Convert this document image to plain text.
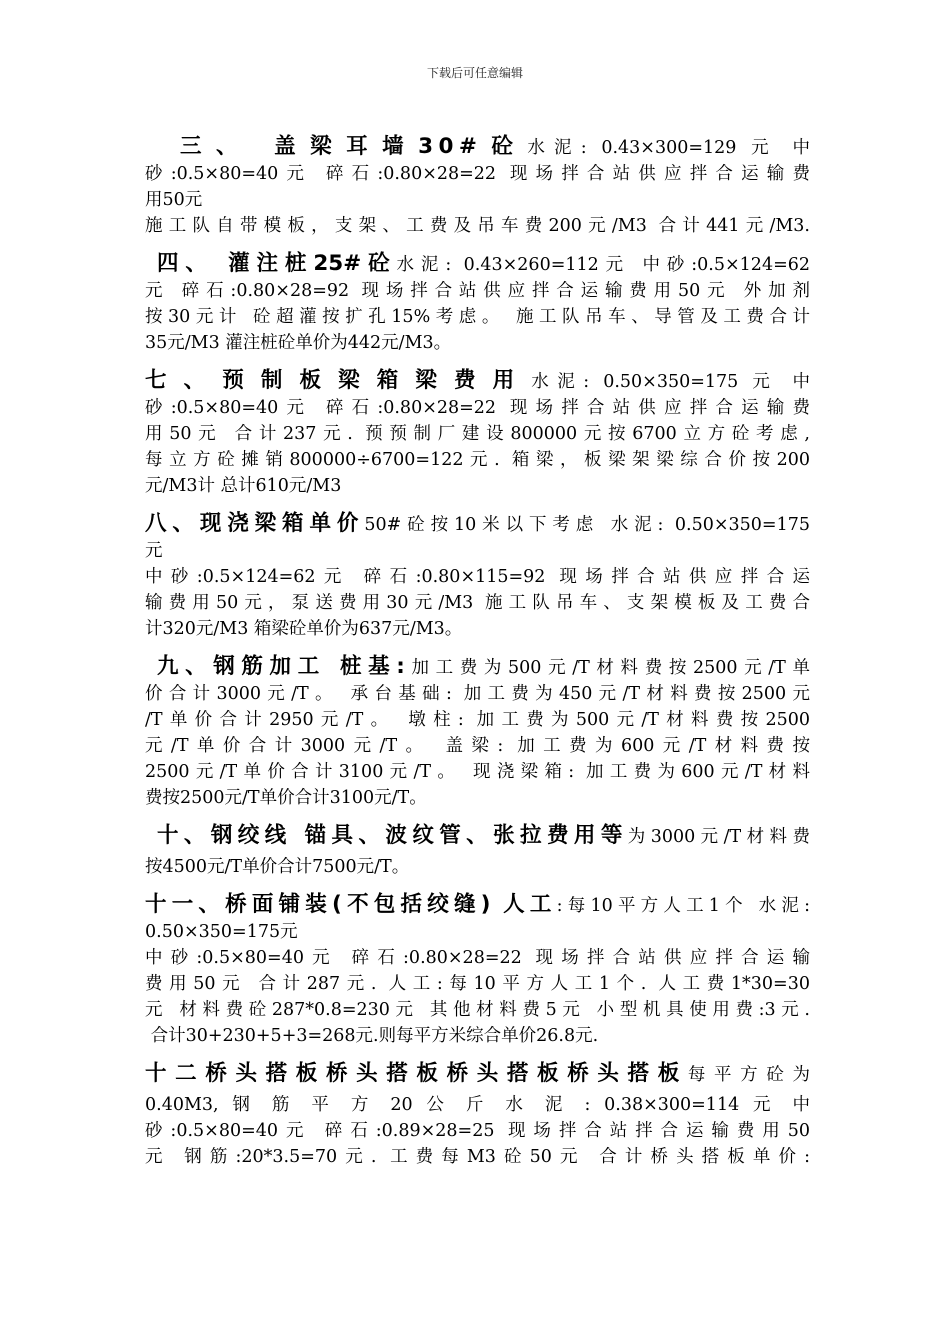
下载后可任意编辑
三、 盖梁耳墙30#砼水泥: 0.43×300=129 元 中
砂:0.5×80=40元 碎石:0.80×28=22 现场拌合站供应拌合运输费
用50元
施工队自带模板，支架、工费及吊车费200元/M3 合计441元/M3.
四、 灌注桩25#砼水泥: 0.43×260=112元 中砂:0.5×124=62
元 碎石:0.80×28=92 现场拌合站供应拌合运输费用50元 外加剂
按30元计 砼超灌按扩孔15%考虑。 施工队吊车、导管及工费合计
35元/M3 灌注桩砼单价为442元/M3。
七、预制板梁箱梁费用水泥: 0.50×350=175 元 中
砂:0.5×80=40元 碎石:0.80×28=22 现场拌合站供应拌合运输费
用50元 合计237元. 预预制厂建设800000元按6700立方砼考虑,
每立方砼摊销800000÷6700=122元. 箱梁，板梁架梁综合价按200
元/M3计 总计610元/M3
八、现浇梁箱单价50#砼按10米以下考虑 水泥: 0.50×350=175
元
中砂:0.5×124=62元 碎石:0.80×115=92 现场拌合站供应拌合运
输费用50元，泵送费用30元/M3 施工队吊车、支架模板及工费合
计320元/M3 箱梁砼单价为637元/M3。
九、钢筋加工 桩基:加工费为500元/T材料费按2500元/T单
价合计3000元/T。 承台基础: 加工费为450元/T材料费按2500元
/T单价合计2950元/T。 墩柱: 加工费为500元/T材料费按2500
元/T单价合计3000元/T。 盖梁: 加工费为600元/T材料费按
2500元/T单价合计3100元/T。 现浇梁箱: 加工费为600元/T材料
费按2500元/T单价合计3100元/T。
十、钢绞线 锚具、波纹管、张拉费用等为3000元/T材料费
按4500元/T单价合计7500元/T。
十一、桥面铺装(不包括绞缝) 人工:每10平方人工1个 水泥:
0.50×350=175元
中砂:0.5×80=40元 碎石:0.80×28=22 现场拌合站供应拌合运输
费用50元 合计287元. 人工:每10平方人工1个. 人工费1*30=30
元 材料费砼287*0.8=230元 其他材料费5元 小型机具使用费:3元.
合计30+230+5+3=268元.则每平方米综合单价26.8元.
十二桥头搭板桥头搭板桥头搭板桥头搭板每平方砼为
0.40M3, 钢 筋 平 方 20 公 斤 水 泥 : 0.38×300=114 元 中
砂:0.5×80=40元 碎石:0.89×28=25 现场拌合站拌合运输费用50
元 钢筋:20*3.5=70元. 工费每M3砼50元 合计桥头搭板单价:
